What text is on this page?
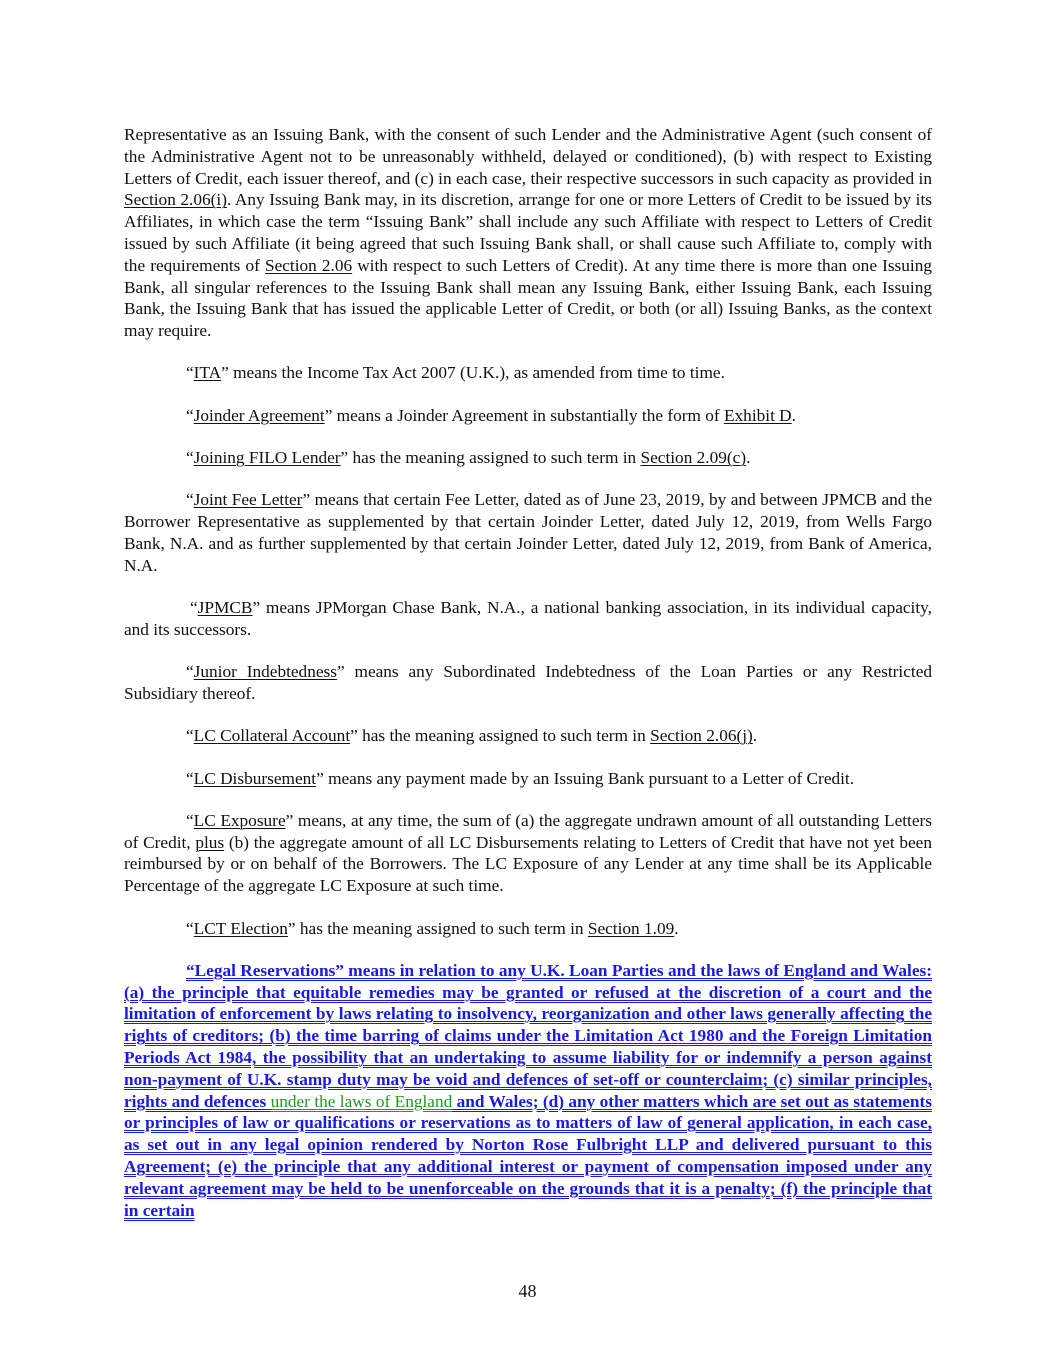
Representative as an Issuing Bank, with the consent of such Lender and the Administrative Agent (such consent of the Administrative Agent not to be unreasonably withheld, delayed or conditioned), (b) with respect to Existing Letters of Credit, each issuer thereof, and (c) in each case, their respective successors in such capacity as provided in Section 2.06(i). Any Issuing Bank may, in its discretion, arrange for one or more Letters of Credit to be issued by its Affiliates, in which case the term “Issuing Bank” shall include any such Affiliate with respect to Letters of Credit issued by such Affiliate (it being agreed that such Issuing Bank shall, or shall cause such Affiliate to, comply with the requirements of Section 2.06 with respect to such Letters of Credit). At any time there is more than one Issuing Bank, all singular references to the Issuing Bank shall mean any Issuing Bank, either Issuing Bank, each Issuing Bank, the Issuing Bank that has issued the applicable Letter of Credit, or both (or all) Issuing Banks, as the context may require.

“ITA” means the Income Tax Act 2007 (U.K.), as amended from time to time.

“Joinder Agreement” means a Joinder Agreement in substantially the form of Exhibit D.

“Joining FILO Lender” has the meaning assigned to such term in Section 2.09(c).

“Joint Fee Letter” means that certain Fee Letter, dated as of June 23, 2019, by and between JPMCB and the Borrower Representative as supplemented by that certain Joinder Letter, dated July 12, 2019, from Wells Fargo Bank, N.A. and as further supplemented by that certain Joinder Letter, dated July 12, 2019, from Bank of America, N.A.

“JPMCB” means JPMorgan Chase Bank, N.A., a national banking association, in its individual capacity, and its successors.

“Junior Indebtedness” means any Subordinated Indebtedness of the Loan Parties or any Restricted Subsidiary thereof.

“LC Collateral Account” has the meaning assigned to such term in Section 2.06(j).

“LC Disbursement” means any payment made by an Issuing Bank pursuant to a Letter of Credit.

“LC Exposure” means, at any time, the sum of (a) the aggregate undrawn amount of all outstanding Letters of Credit, plus (b) the aggregate amount of all LC Disbursements relating to Letters of Credit that have not yet been reimbursed by or on behalf of the Borrowers. The LC Exposure of any Lender at any time shall be its Applicable Percentage of the aggregate LC Exposure at such time.

“LCT Election” has the meaning assigned to such term in Section 1.09.

“Legal Reservations” means in relation to any U.K. Loan Parties and the laws of England and Wales: (a) the principle that equitable remedies may be granted or refused at the discretion of a court and the limitation of enforcement by laws relating to insolvency, reorganization and other laws generally affecting the rights of creditors; (b) the time barring of claims under the Limitation Act 1980 and the Foreign Limitation Periods Act 1984, the possibility that an undertaking to assume liability for or indemnify a person against non-payment of U.K. stamp duty may be void and defences of set-off or counterclaim; (c) similar principles, rights and defences under the laws of England and Wales; (d) any other matters which are set out as statements or principles of law or qualifications or reservations as to matters of law of general application, in each case, as set out in any legal opinion rendered by Norton Rose Fulbright LLP and delivered pursuant to this Agreement; (e) the principle that any additional interest or payment of compensation imposed under any relevant agreement may be held to be unenforceable on the grounds that it is a penalty; (f) the principle that in certain

48
